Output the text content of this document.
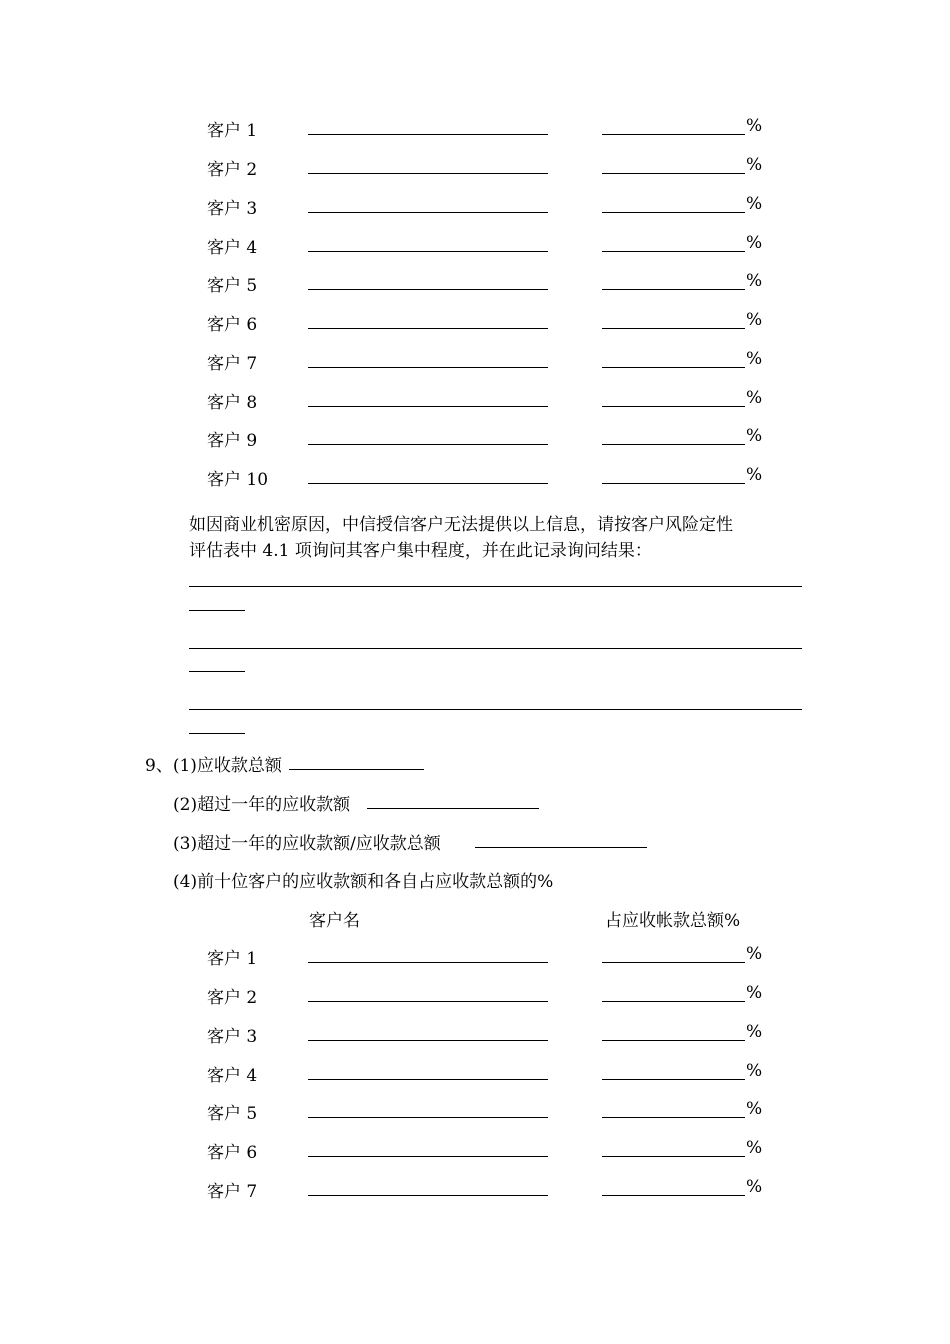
客户 1	%
客户 2	%
客户 3	%
客户 4	%
客户 5	%
客户 6	%
客户 7	%
客户 8	%
客户 9	%
客户 10	%
如因商业机密原因，中信授信客户无法提供以上信息，请按客户风险定性
评估表中 4.1 项询问其客户集中程度，并在此记录询问结果：
9、(1)应收款总额
(2)超过一年的应收款额
(3)超过一年的应收款额/应收款总额
(4)前十位客户的应收款额和各自占应收款总额的%
客户名	占应收帐款总额%
客户 1	%
客户 2	%
客户 3	%
客户 4	%
客户 5	%
客户 6	%
客户 7	%
